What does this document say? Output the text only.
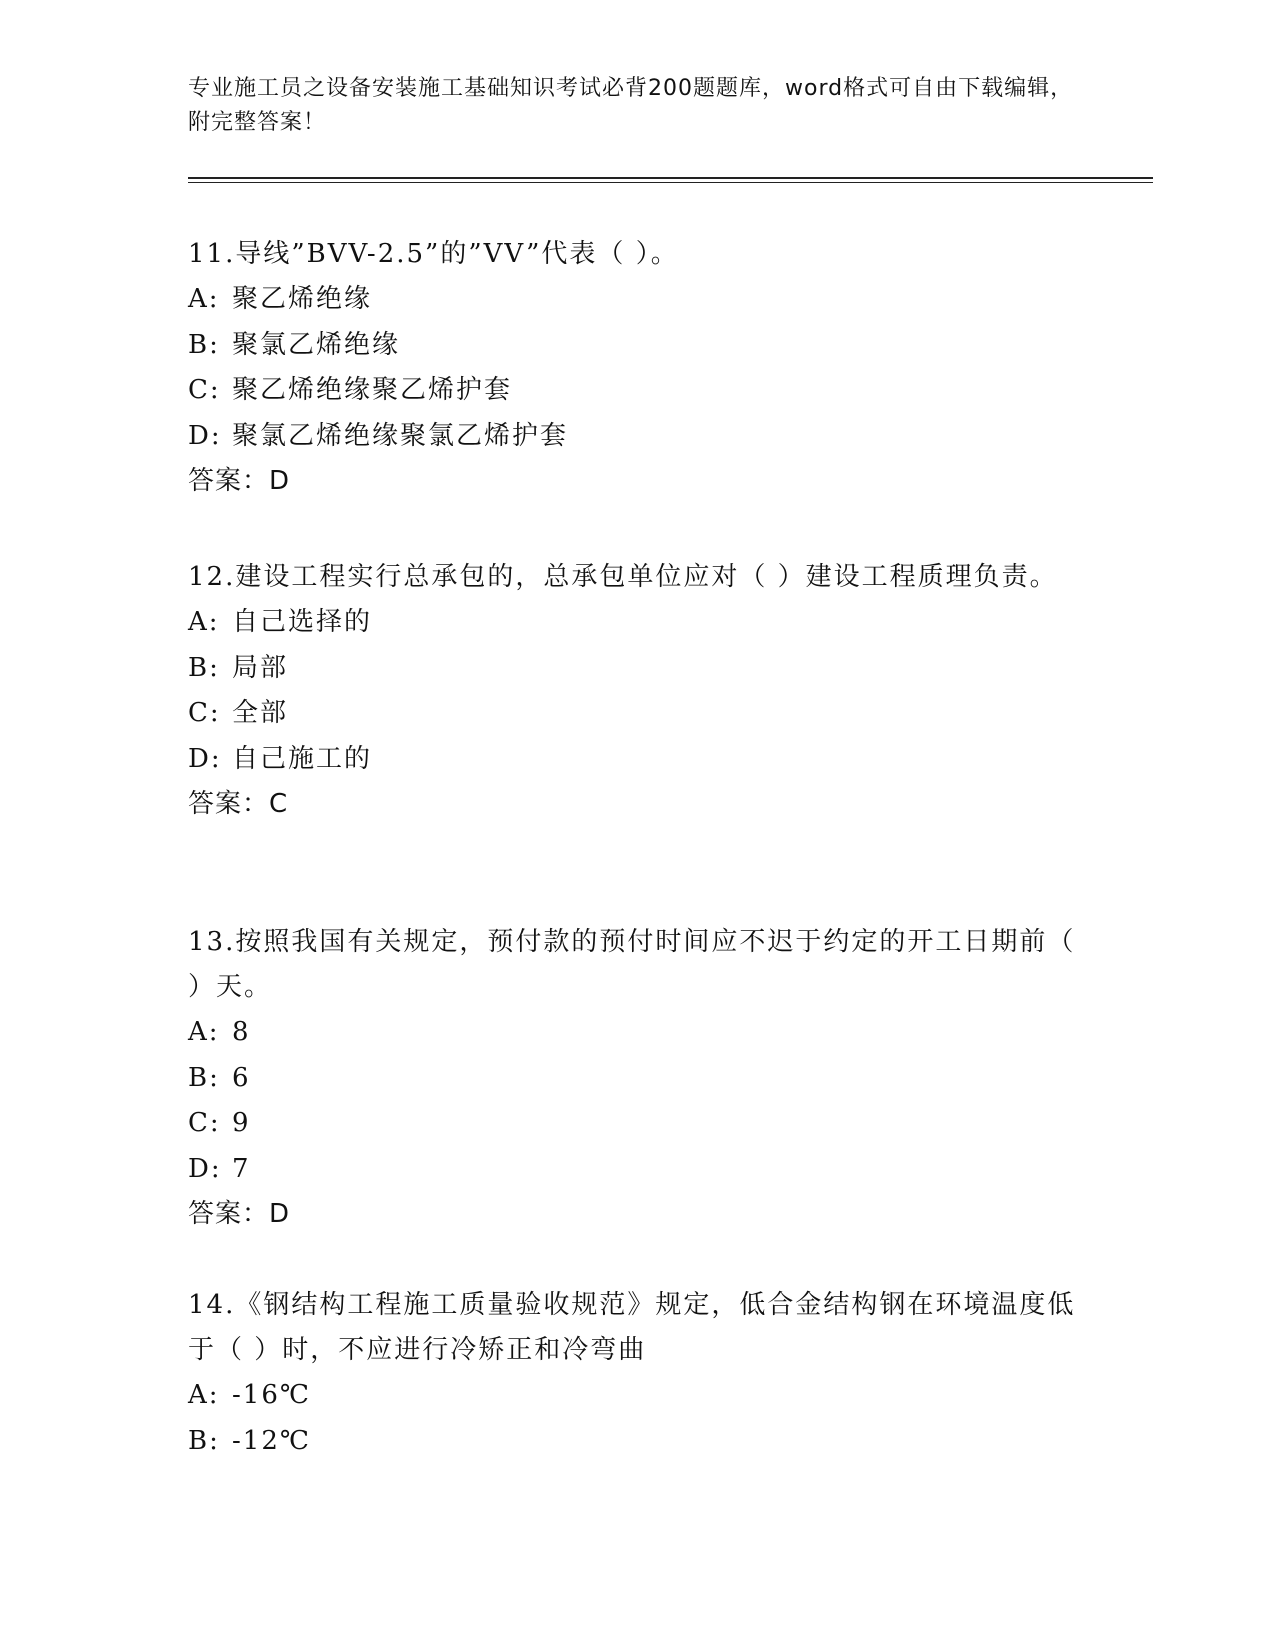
专业施工员之设备安装施工基础知识考试必背200题题库，word格式可自由下载编辑，附完整答案！

11.导线”BVV-2.5”的”VV”代表（ ）。

A: 聚乙烯绝缘

B: 聚氯乙烯绝缘

C: 聚乙烯绝缘聚乙烯护套

D: 聚氯乙烯绝缘聚氯乙烯护套

答案：D

12.建设工程实行总承包的，总承包单位应对（ ）建设工程质理负责。

A: 自己选择的

B: 局部

C: 全部

D: 自己施工的

答案：C

13.按照我国有关规定，预付款的预付时间应不迟于约定的开工日期前（ ）天。

A: 8

B: 6

C: 9

D: 7

答案：D

14.《钢结构工程施工质量验收规范》规定，低合金结构钢在环境温度低于（ ）时，不应进行冷矫正和冷弯曲

A: -16℃

B: -12℃
